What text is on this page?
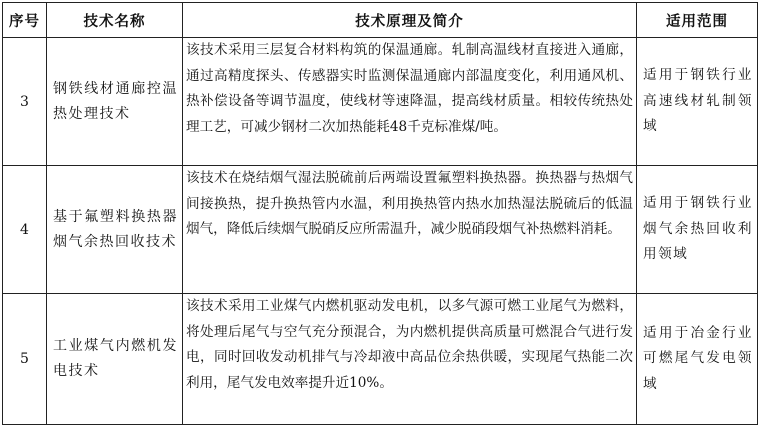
序号	技术名称	技术原理及简介	适用范围
3	钢铁线材通廊控温热处理技术	该技术采用三层复合材料构筑的保温通廊。轧制高温线材直接进入通廊，通过高精度探头、传感器实时监测保温通廊内部温度变化，利用通风机、热补偿设备等调节温度，使线材等速降温，提高线材质量。相较传统热处理工艺，可减少钢材二次加热能耗48千克标准煤/吨。	适用于钢铁行业高速线材轧制领域
4	基于氟塑料换热器烟气余热回收技术	该技术在烧结烟气湿法脱硫前后两端设置氟塑料换热器。换热器与热烟气间接换热，提升换热管内水温，利用换热管内热水加热湿法脱硫后的低温烟气，降低后续烟气脱硝反应所需温升，减少脱硝段烟气补热燃料消耗。	适用于钢铁行业烟气余热回收利用领域
5	工业煤气内燃机发电技术	该技术采用工业煤气内燃机驱动发电机，以多气源可燃工业尾气为燃料，将处理后尾气与空气充分预混合，为内燃机提供高质量可燃混合气进行发电，同时回收发动机排气与冷却液中高品位余热供暖，实现尾气热能二次利用，尾气发电效率提升近10%。	适用于冶金行业可燃尾气发电领域
